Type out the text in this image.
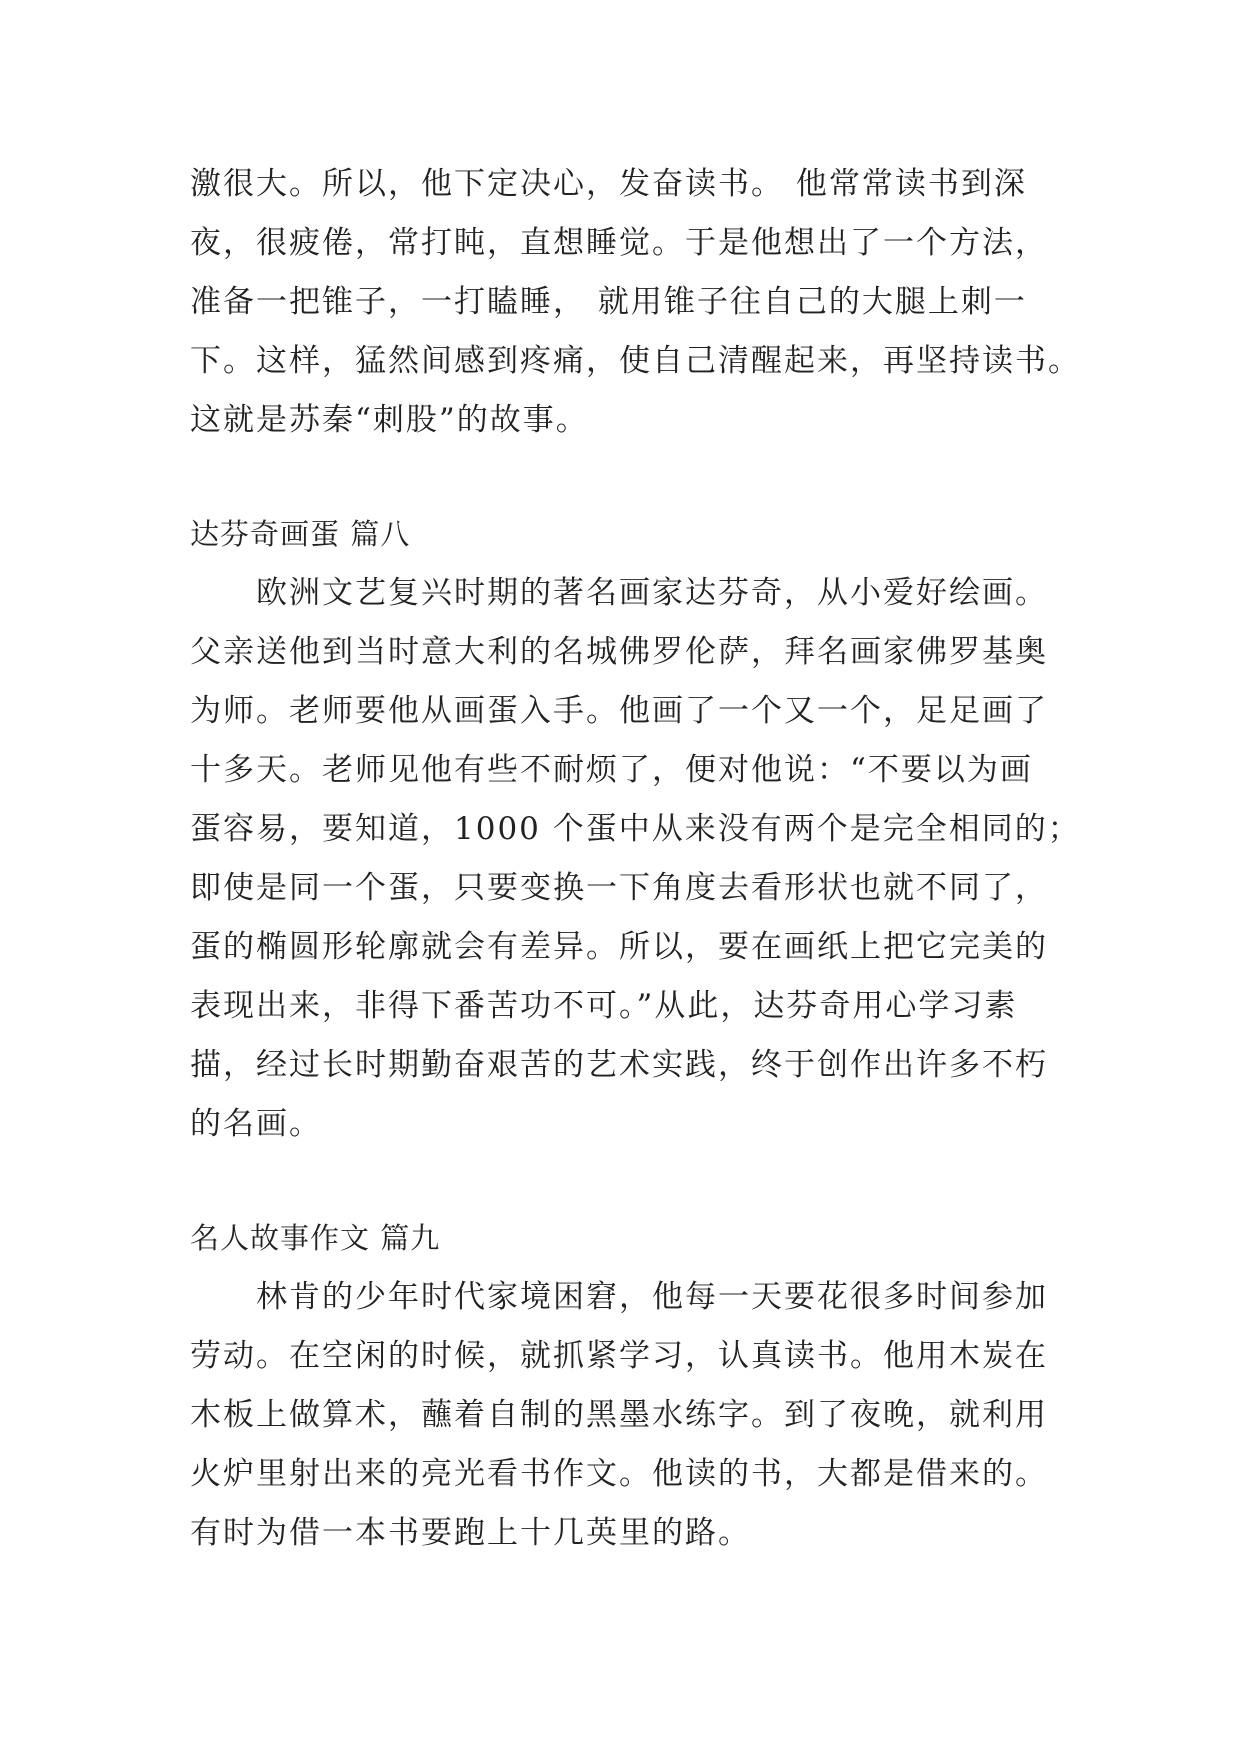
激很大。所以，他下定决心，发奋读书。 他常常读书到深
夜，很疲倦，常打盹，直想睡觉。于是他想出了一个方法，
准备一把锥子，一打瞌睡， 就用锥子往自己的大腿上刺一
下。这样，猛然间感到疼痛，使自己清醒起来，再坚持读书。
这就是苏秦“刺股”的故事。
达芬奇画蛋 篇八
　　欧洲文艺复兴时期的著名画家达芬奇，从小爱好绘画。
父亲送他到当时意大利的名城佛罗伦萨，拜名画家佛罗基奥
为师。老师要他从画蛋入手。他画了一个又一个，足足画了
十多天。老师见他有些不耐烦了，便对他说：“不要以为画
蛋容易，要知道，1000 个蛋中从来没有两个是完全相同的；
即使是同一个蛋，只要变换一下角度去看形状也就不同了，
蛋的椭圆形轮廓就会有差异。所以，要在画纸上把它完美的
表现出来，非得下番苦功不可。”从此，达芬奇用心学习素
描，经过长时期勤奋艰苦的艺术实践，终于创作出许多不朽
的名画。
名人故事作文 篇九
　　林肯的少年时代家境困窘，他每一天要花很多时间参加
劳动。在空闲的时候，就抓紧学习，认真读书。他用木炭在
木板上做算术，蘸着自制的黑墨水练字。到了夜晚，就利用
火炉里射出来的亮光看书作文。他读的书，大都是借来的。
有时为借一本书要跑上十几英里的路。
